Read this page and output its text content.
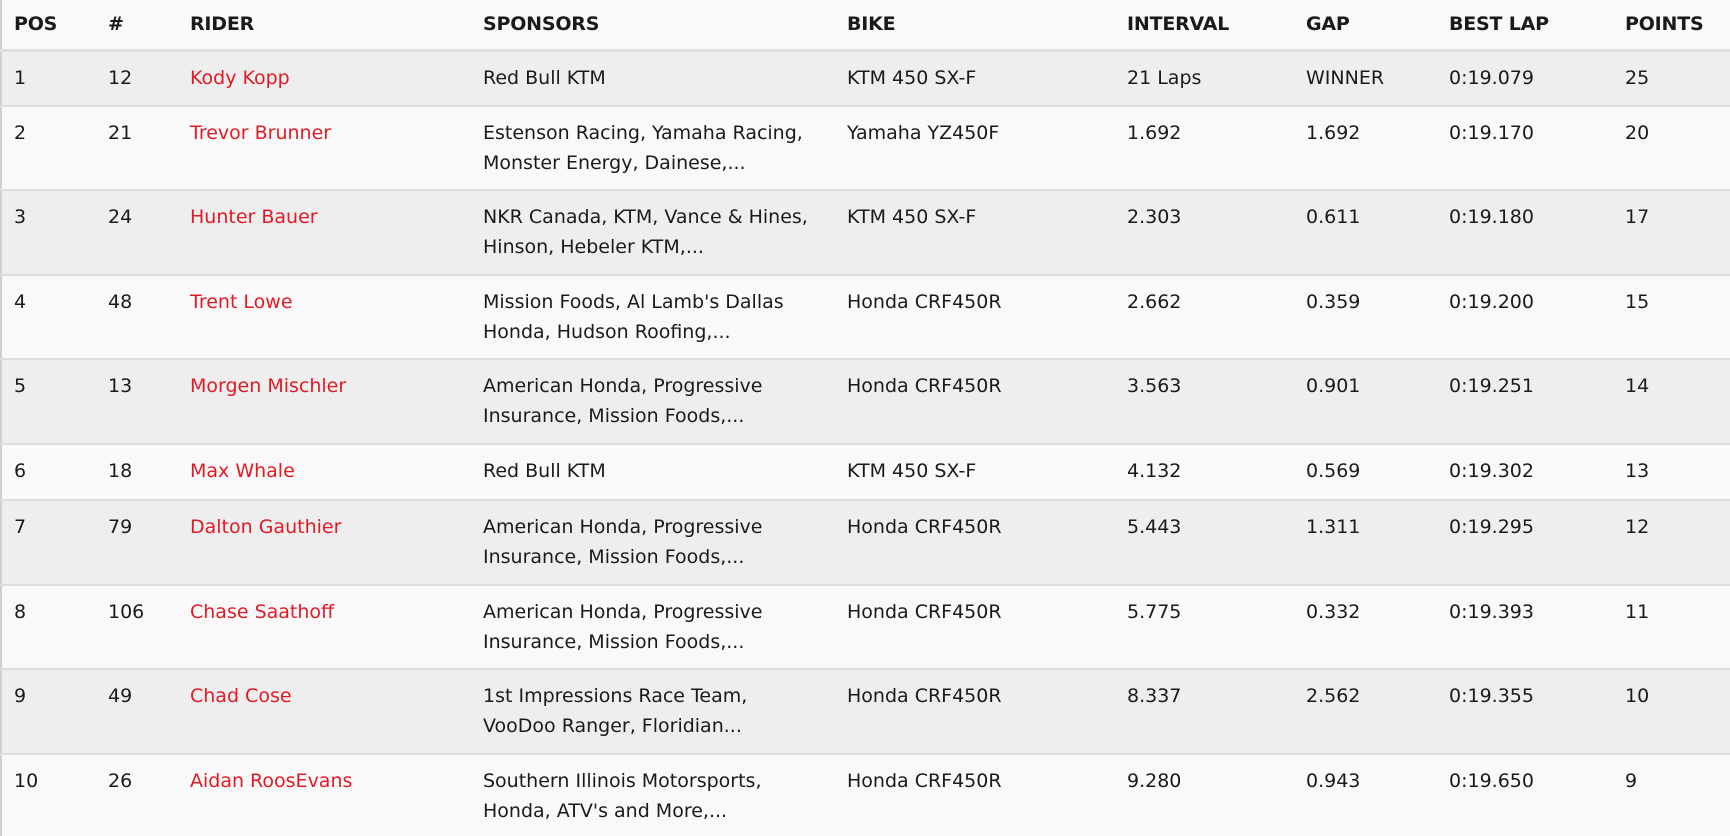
POS	#	RIDER	SPONSORS	BIKE	INTERVAL	GAP	BEST LAP	POINTS
1	12	Kody Kopp	Red Bull KTM	KTM 450 SX-F	21 Laps	WINNER	0:19.079	25
2	21	Trevor Brunner	Estenson Racing, Yamaha Racing, Monster Energy, Dainese,...	Yamaha YZ450F	1.692	1.692	0:19.170	20
3	24	Hunter Bauer	NKR Canada, KTM, Vance & Hines, Hinson, Hebeler KTM,...	KTM 450 SX-F	2.303	0.611	0:19.180	17
4	48	Trent Lowe	Mission Foods, Al Lamb's Dallas Honda, Hudson Roofing,...	Honda CRF450R	2.662	0.359	0:19.200	15
5	13	Morgen Mischler	American Honda, Progressive Insurance, Mission Foods,...	Honda CRF450R	3.563	0.901	0:19.251	14
6	18	Max Whale	Red Bull KTM	KTM 450 SX-F	4.132	0.569	0:19.302	13
7	79	Dalton Gauthier	American Honda, Progressive Insurance, Mission Foods,...	Honda CRF450R	5.443	1.311	0:19.295	12
8	106	Chase Saathoff	American Honda, Progressive Insurance, Mission Foods,...	Honda CRF450R	5.775	0.332	0:19.393	11
9	49	Chad Cose	1st Impressions Race Team, VooDoo Ranger, Floridian...	Honda CRF450R	8.337	2.562	0:19.355	10
10	26	Aidan RoosEvans	Southern Illinois Motorsports, Honda, ATV's and More,...	Honda CRF450R	9.280	0.943	0:19.650	9
